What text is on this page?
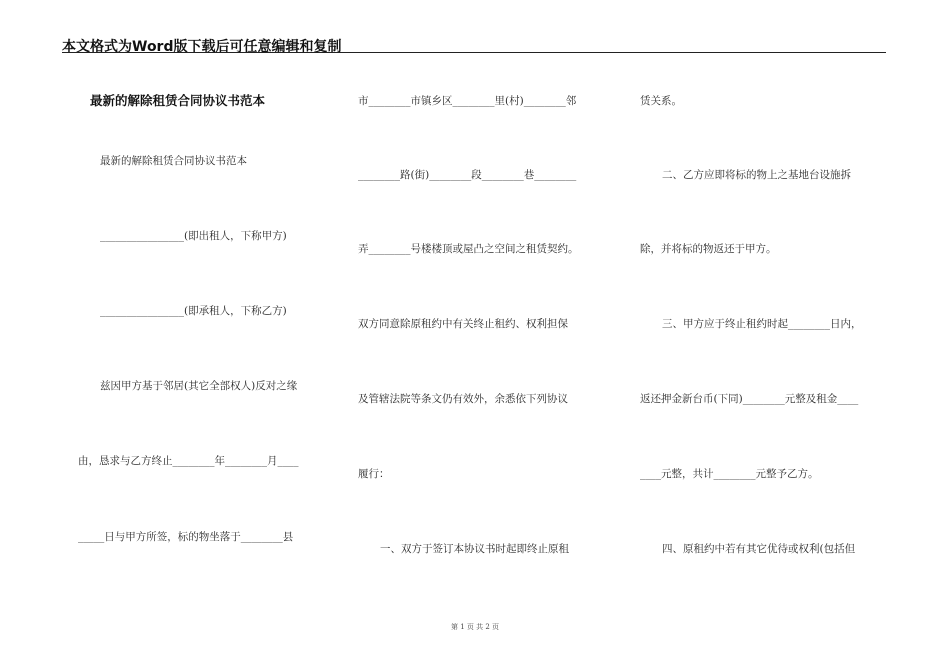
本文格式为Word版下载后可任意编辑和复制
最新的解除租赁合同协议书范本
最新的解除租赁合同协议书范本
________________(即出租人，下称甲方)
________________(即承租人，下称乙方)
兹因甲方基于邻居(其它全部权人)反对之缘
由，恳求与乙方终止________年________月____
_____日与甲方所签，标的物坐落于________县
市________市镇乡区________里(村)________邻
________路(街)________段________巷________
弄________号楼楼顶或屋凸之空间之租赁契约。
双方同意除原租约中有关终止租约、权利担保
及管辖法院等条文仍有效外，余悉依下列协议
履行：
一、双方于签订本协议书时起即终止原租
赁关系。
二、乙方应即将标的物上之基地台设施拆
除，并将标的物返还于甲方。
三、甲方应于终止租约时起________日内，
返还押金新台币(下同)________元整及租金____
____元整，共计________元整予乙方。
四、原租约中若有其它优待或权利(包括但
第 1 页 共 2 页
